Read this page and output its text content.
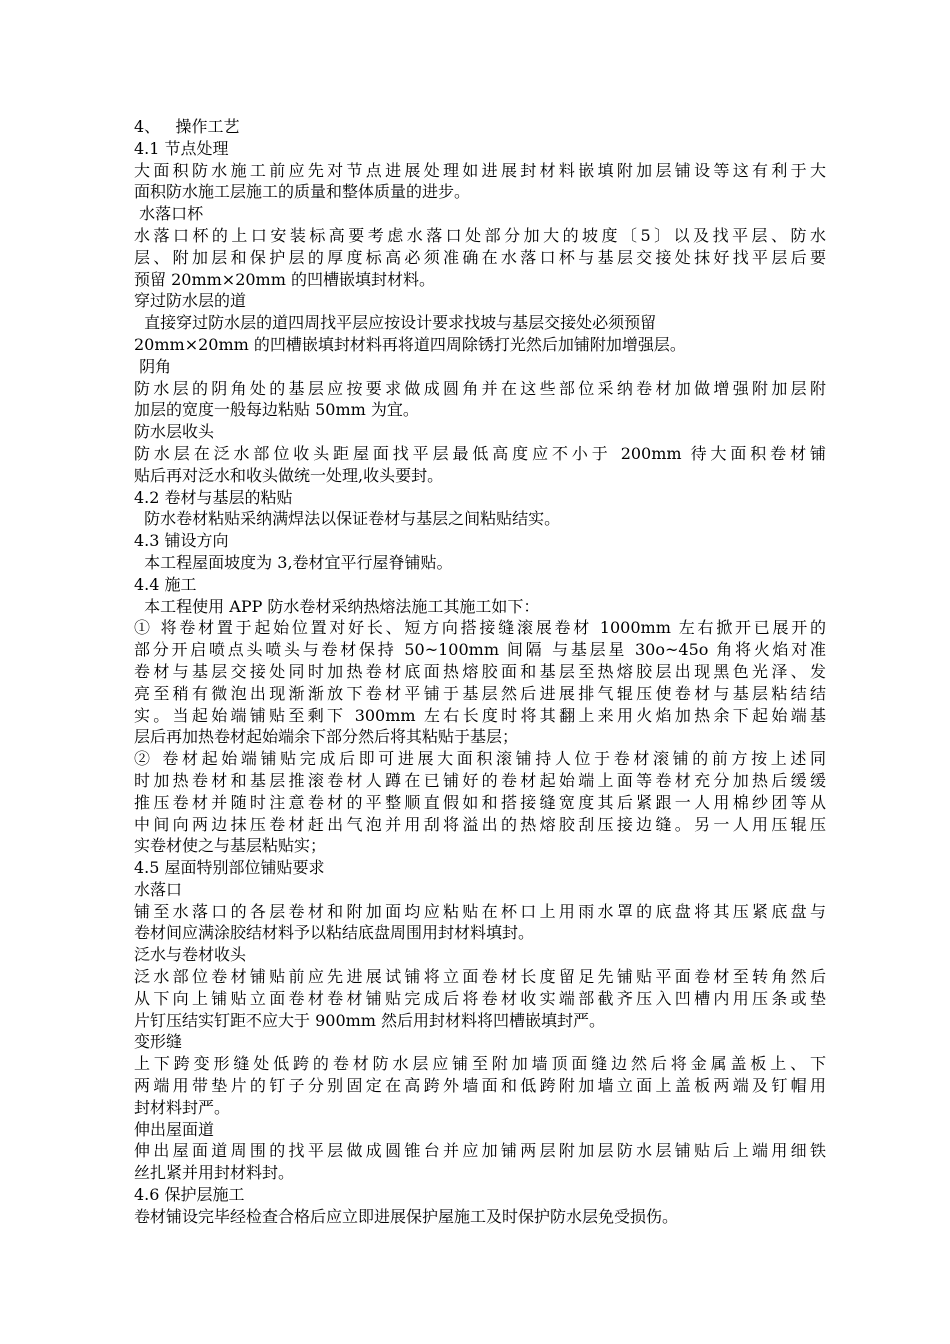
4、   操作工艺
4.1 节点处理
大面积防水施工前应先对节点进展处理如进展封材料嵌填附加层铺设等这有利于大
面积防水施工层施工的质量和整体质量的进步。
水落口杯
水落口杯的上口安装标高要考虑水落口处部分加大的坡度〔5〕以及找平层、防水
层、附加层和保护层的厚度标高必须准确在水落口杯与基层交接处抹好找平层后要
预留 20mm×20mm 的凹槽嵌填封材料。
穿过防水层的道
直接穿过防水层的道四周找平层应按设计要求找坡与基层交接处必须预留
20mm×20mm 的凹槽嵌填封材料再将道四周除锈打光然后加铺附加增强层。
阴角
防水层的阴角处的基层应按要求做成圆角并在这些部位采纳卷材加做增强附加层附
加层的宽度一般每边粘贴 50mm 为宜。
防水层收头
防水层在泛水部位收头距屋面找平层最低高度应不小于 200mm 待大面积卷材铺
贴后再对泛水和收头做统一处理,收头要封。
4.2 卷材与基层的粘贴
防水卷材粘贴采纳满焊法以保证卷材与基层之间粘贴结实。
4.3 铺设方向
本工程屋面坡度为 3,卷材宜平行屋脊铺贴。
4.4 施工
本工程使用 APP 防水卷材采纳热熔法施工其施工如下：
① 将卷材置于起始位置对好长、短方向搭接缝滚展卷材 1000mm 左右掀开已展开的
部分开启喷点头喷头与卷材保持 50~100mm 间隔 与基层星 30o~45o 角将火焰对准
卷材与基层交接处同时加热卷材底面热熔胶面和基层至热熔胶层出现黑色光泽、发
亮至稍有微泡出现渐渐放下卷材平铺于基层然后进展排气辊压使卷材与基层粘结结
实。当起始端铺贴至剩下 300mm 左右长度时将其翻上来用火焰加热余下起始端基
层后再加热卷材起始端余下部分然后将其粘贴于基层；
② 卷材起始端铺贴完成后即可进展大面积滚铺持人位于卷材滚铺的前方按上述同
时加热卷材和基层推滚卷材人蹲在已铺好的卷材起始端上面等卷材充分加热后缓缓
推压卷材并随时注意卷材的平整顺直假如和搭接缝宽度其后紧跟一人用棉纱团等从
中间向两边抹压卷材赶出气泡并用刮将溢出的热熔胶刮压接边缝。另一人用压辊压
实卷材使之与基层粘贴实；
4.5 屋面特别部位铺贴要求
水落口
铺至水落口的各层卷材和附加面均应粘贴在杯口上用雨水罩的底盘将其压紧底盘与
卷材间应满涂胶结材料予以粘结底盘周围用封材料填封。
泛水与卷材收头
泛水部位卷材铺贴前应先进展试铺将立面卷材长度留足先铺贴平面卷材至转角然后
从下向上铺贴立面卷材卷材铺贴完成后将卷材收实端部截齐压入凹槽内用压条或垫
片钉压结实钉距不应大于 900mm 然后用封材料将凹槽嵌填封严。
变形缝
上下跨变形缝处低跨的卷材防水层应铺至附加墙顶面缝边然后将金属盖板上、下
两端用带垫片的钉子分别固定在高跨外墙面和低跨附加墙立面上盖板两端及钉帽用
封材料封严。
伸出屋面道
伸出屋面道周围的找平层做成圆锥台并应加铺两层附加层防水层铺贴后上端用细铁
丝扎紧并用封材料封。
4.6 保护层施工
卷材铺设完毕经检查合格后应立即进展保护屋施工及时保护防水层免受损伤。
